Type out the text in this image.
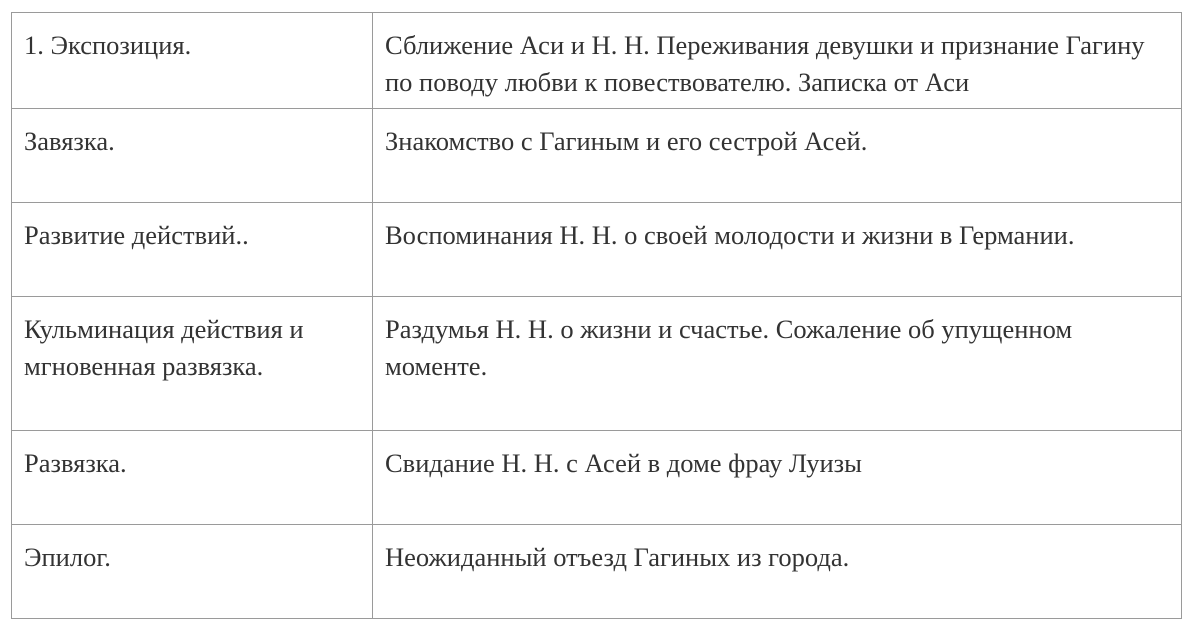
1. Экспозиция.	Сближение Аси и Н. Н. Переживания девушки и признание Гагину по поводу любви к повествователю. Записка от Аси

Завязка.	Знакомство с Гагиным и его сестрой Асей.

Развитие действий..	Воспоминания Н. Н. о своей молодости и жизни в Германии.

Кульминация действия и мгновенная развязка.	Раздумья Н. Н. о жизни и счастье. Сожаление об упущенном моменте.

Развязка.	Свидание Н. Н. с Асей в доме фрау Луизы

Эпилог.	Неожиданный отъезд Гагиных из города.
